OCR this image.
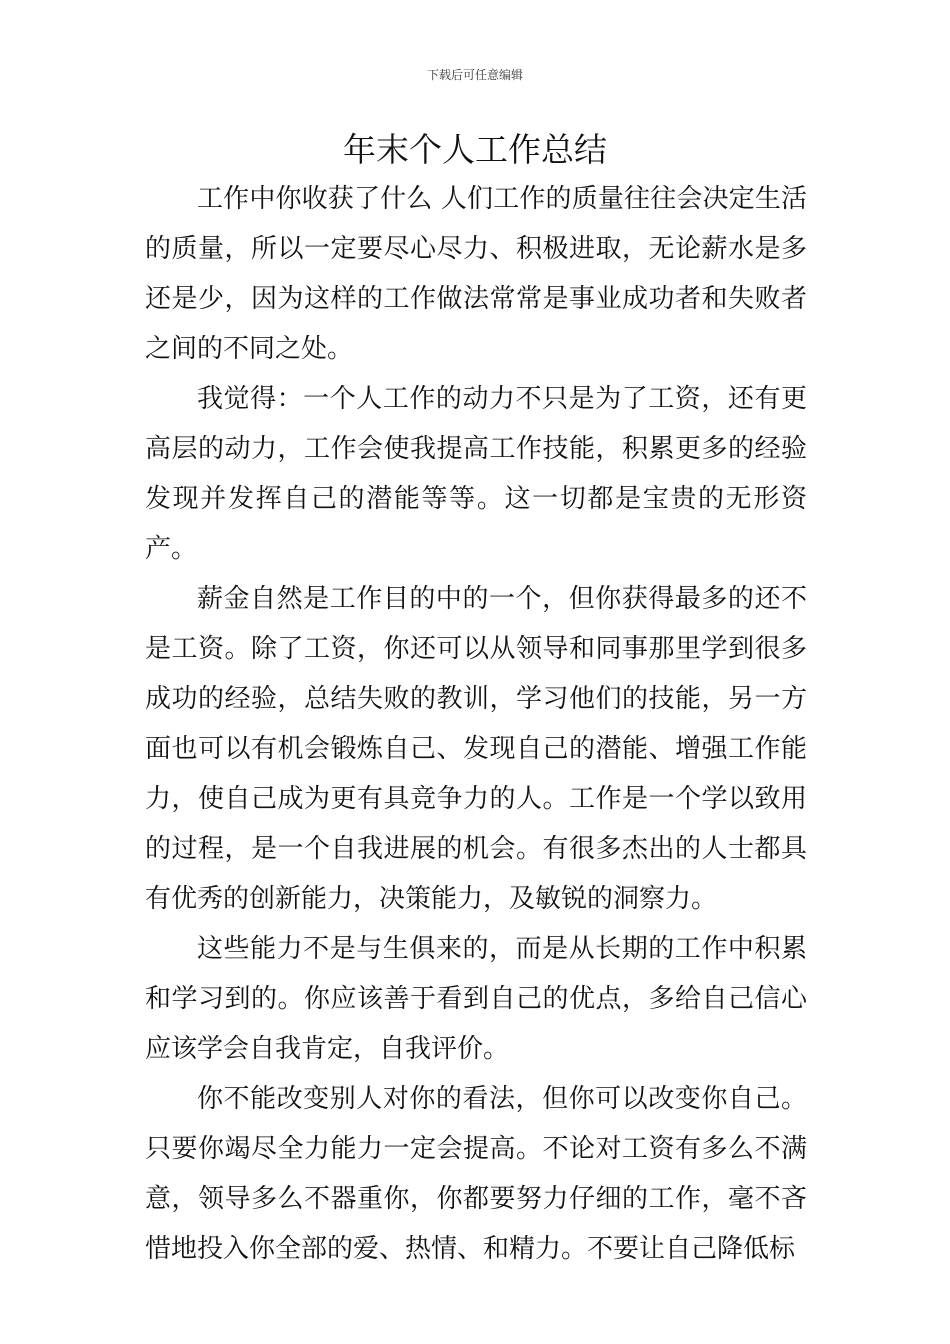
下载后可任意编辑
年末个人工作总结

工作中你收获了什么 人们工作的质量往往会决定生活的质量，所以一定要尽心尽力、积极进取，无论薪水是多还是少，因为这样的工作做法常常是事业成功者和失败者之间的不同之处。

我觉得：一个人工作的动力不只是为了工资，还有更高层的动力，工作会使我提高工作技能，积累更多的经验发现并发挥自己的潜能等等。这一切都是宝贵的无形资产。

薪金自然是工作目的中的一个，但你获得最多的还不是工资。除了工资，你还可以从领导和同事那里学到很多成功的经验，总结失败的教训，学习他们的技能，另一方面也可以有机会锻炼自己、发现自己的潜能、增强工作能力，使自己成为更有具竞争力的人。工作是一个学以致用的过程，是一个自我进展的机会。有很多杰出的人士都具有优秀的创新能力，决策能力，及敏锐的洞察力。

这些能力不是与生俱来的，而是从长期的工作中积累和学习到的。你应该善于看到自己的优点，多给自己信心应该学会自我肯定，自我评价。

你不能改变别人对你的看法，但你可以改变你自己。只要你竭尽全力能力一定会提高。不论对工资有多么不满意，领导多么不器重你，你都要努力仔细的工作，毫不吝惜地投入你全部的爱、热情、和精力。不要让自己降低标
